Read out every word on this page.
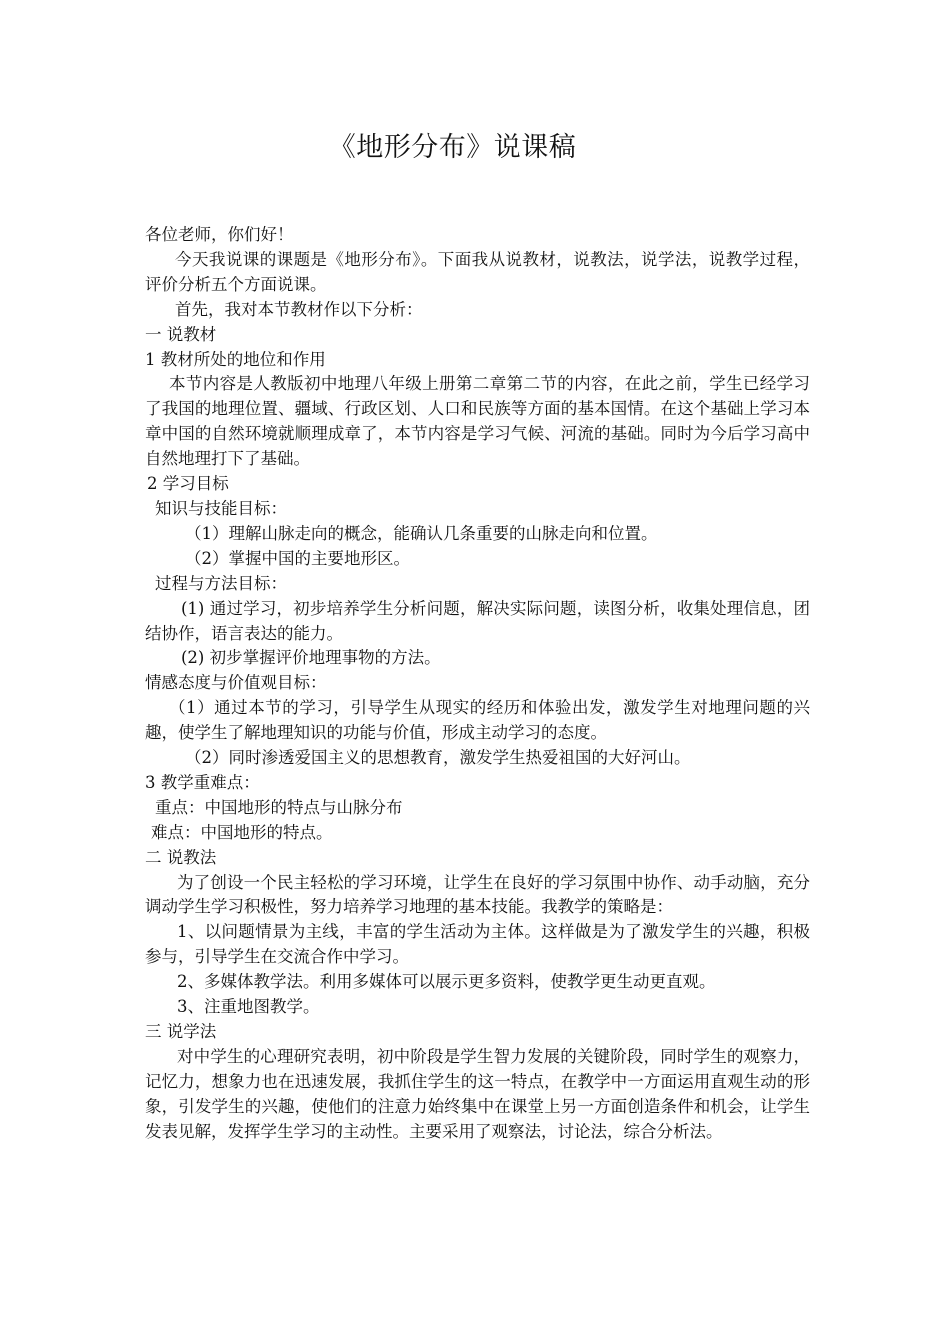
《地形分布》说课稿

各位老师，你们好！

今天我说课的课题是《地形分布》。下面我从说教材，说教法，说学法，说教学过程，评价分析五个方面说课。

首先，我对本节教材作以下分析：

一 说教材

1 教材所处的地位和作用

本节内容是人教版初中地理八年级上册第二章第二节的内容，在此之前，学生已经学习了我国的地理位置、疆域、行政区划、人口和民族等方面的基本国情。在这个基础上学习本章中国的自然环境就顺理成章了，本节内容是学习气候、河流的基础。同时为今后学习高中自然地理打下了基础。

2 学习目标

知识与技能目标：

（1）理解山脉走向的概念，能确认几条重要的山脉走向和位置。

（2）掌握中国的主要地形区。

过程与方法目标：

(1) 通过学习，初步培养学生分析问题，解决实际问题，读图分析，收集处理信息，团结协作，语言表达的能力。

(2) 初步掌握评价地理事物的方法。

情感态度与价值观目标：

（1）通过本节的学习，引导学生从现实的经历和体验出发，激发学生对地理问题的兴趣，使学生了解地理知识的功能与价值，形成主动学习的态度。

（2）同时渗透爱国主义的思想教育，激发学生热爱祖国的大好河山。

3 教学重难点：

重点：中国地形的特点与山脉分布

难点：中国地形的特点。

二 说教法

为了创设一个民主轻松的学习环境，让学生在良好的学习氛围中协作、动手动脑，充分调动学生学习积极性，努力培养学习地理的基本技能。我教学的策略是：

1、以问题情景为主线，丰富的学生活动为主体。这样做是为了激发学生的兴趣，积极参与，引导学生在交流合作中学习。

2、多媒体教学法。利用多媒体可以展示更多资料，使教学更生动更直观。

3、注重地图教学。

三 说学法

对中学生的心理研究表明，初中阶段是学生智力发展的关键阶段，同时学生的观察力，记忆力，想象力也在迅速发展，我抓住学生的这一特点，在教学中一方面运用直观生动的形象，引发学生的兴趣，使他们的注意力始终集中在课堂上另一方面创造条件和机会，让学生发表见解，发挥学生学习的主动性。主要采用了观察法，讨论法，综合分析法。
